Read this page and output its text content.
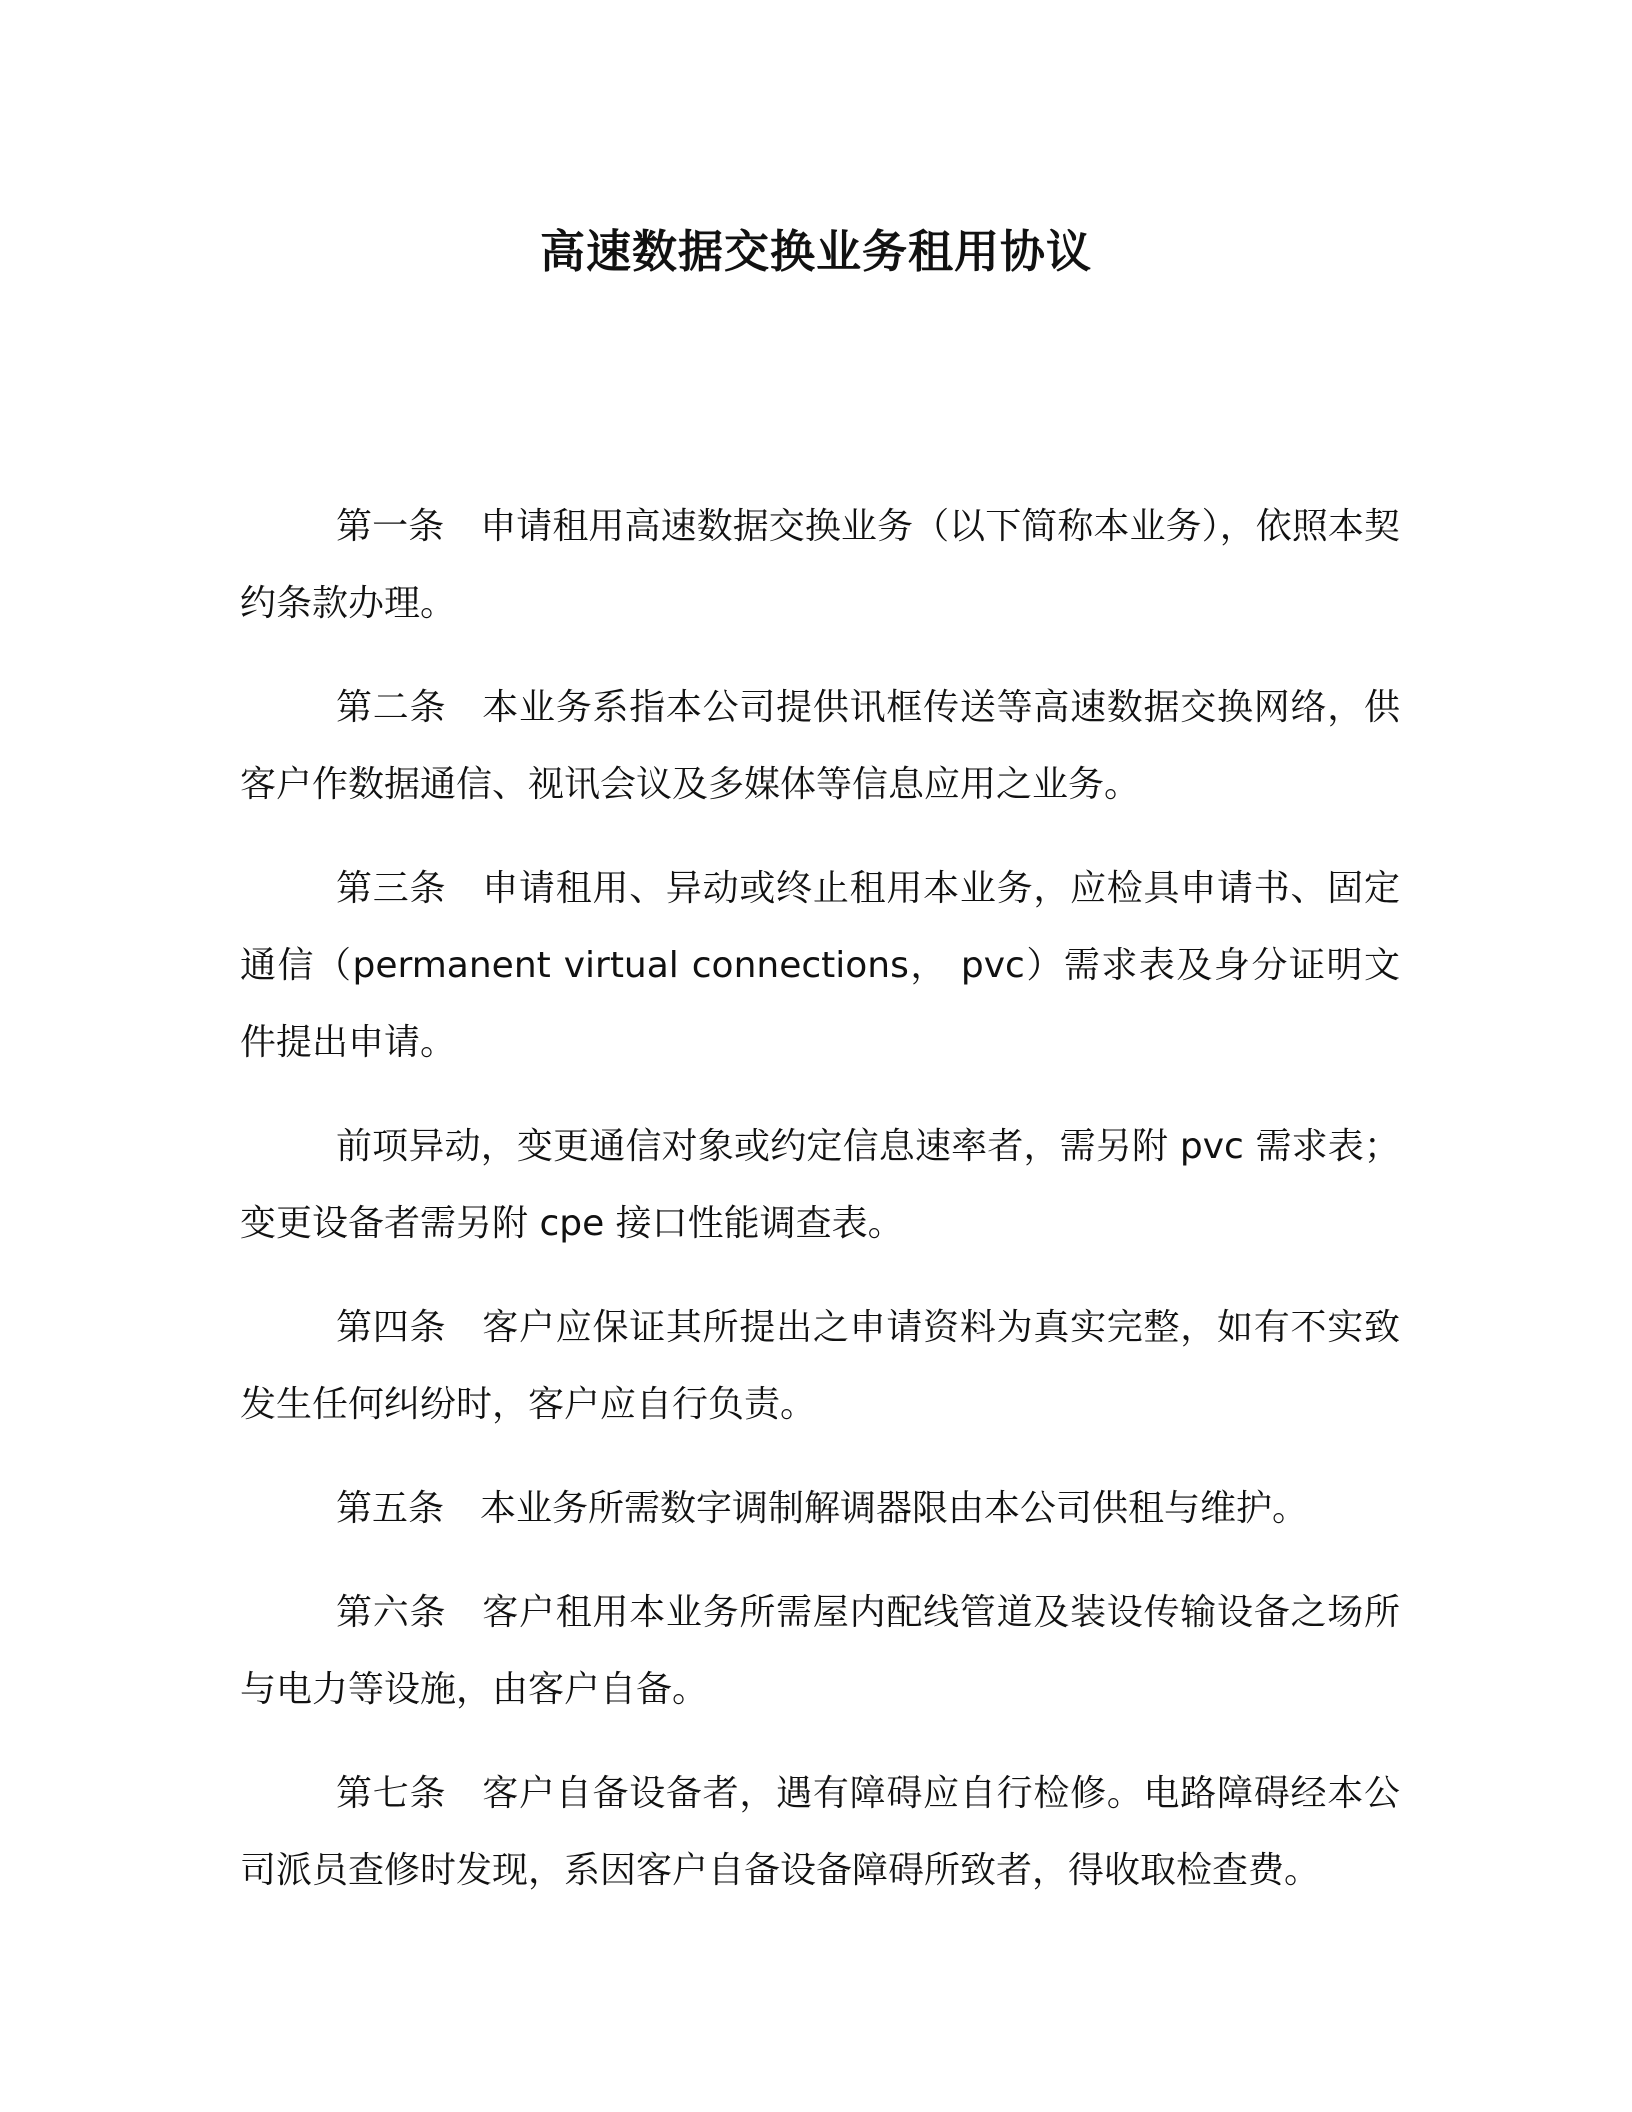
高速数据交换业务租用协议

第一条 申请租用高速数据交换业务（以下简称本业务），依照本契约条款办理。

第二条 本业务系指本公司提供讯框传送等高速数据交换网络，供客户作数据通信、视讯会议及多媒体等信息应用之业务。

第三条 申请租用、异动或终止租用本业务，应检具申请书、固定通信（permanent virtual connections， pvc）需求表及身分证明文件提出申请。

前项异动，变更通信对象或约定信息速率者，需另附 pvc 需求表；变更设备者需另附 cpe 接口性能调查表。

第四条 客户应保证其所提出之申请资料为真实完整，如有不实致发生任何纠纷时，客户应自行负责。

第五条 本业务所需数字调制解调器限由本公司供租与维护。

第六条 客户租用本业务所需屋内配线管道及装设传输设备之场所与电力等设施，由客户自备。

第七条 客户自备设备者，遇有障碍应自行检修。电路障碍经本公司派员查修时发现，系因客户自备设备障碍所致者，得收取检查费。
